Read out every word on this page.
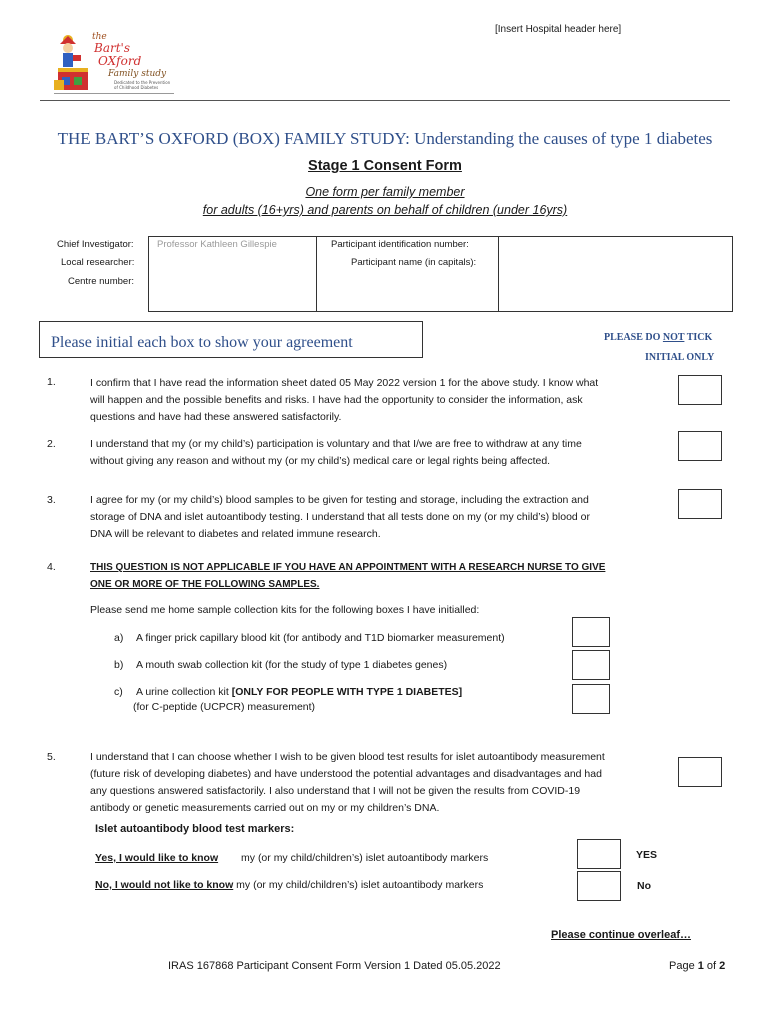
[Insert Hospital header here]
the
Bart's
OXford
Family study
Dedicated to the Prevention
of Childhood Diabetes
THE BART’S OXFORD (BOX) FAMILY STUDY: Understanding the causes of type 1 diabetes
Stage 1 Consent Form
One form per family member
for adults (16+yrs) and parents on behalf of children (under 16yrs)
Chief Investigator: Professor Kathleen Gillespie
Local researcher:
Centre number:
Participant identification number:
Participant name (in capitals):
Please initial each box to show your agreement	PLEASE DO NOT TICK
INITIAL ONLY
1.	I confirm that I have read the information sheet dated 05 May 2022 version 1 for the above study. I know what
will happen and the possible benefits and risks. I have had the opportunity to consider the information, ask
questions and have had these answered satisfactorily.
2.	I understand that my (or my child’s) participation is voluntary and that I/we are free to withdraw at any time
without giving any reason and without my (or my child’s) medical care or legal rights being affected.
3.	I agree for my (or my child’s) blood samples to be given for testing and storage, including the extraction and
storage of DNA and islet autoantibody testing. I understand that all tests done on my (or my child’s) blood or
DNA will be relevant to diabetes and related immune research.
4.	THIS QUESTION IS NOT APPLICABLE IF YOU HAVE AN APPOINTMENT WITH A RESEARCH NURSE TO GIVE
ONE OR MORE OF THE FOLLOWING SAMPLES.
Please send me home sample collection kits for the following boxes I have initialled:
a) A finger prick capillary blood kit (for antibody and T1D biomarker measurement)
b) A mouth swab collection kit (for the study of type 1 diabetes genes)
c) A urine collection kit [ONLY FOR PEOPLE WITH TYPE 1 DIABETES]
(for C-peptide (UCPCR) measurement)
5.	I understand that I can choose whether I wish to be given blood test results for islet autoantibody measurement
(future risk of developing diabetes) and have understood the potential advantages and disadvantages and had
any questions answered satisfactorily. I also understand that I will not be given the results from COVID-19
antibody or genetic measurements carried out on my or my children’s DNA.
Islet autoantibody blood test markers:
Yes, I would like to know my (or my child/children’s) islet autoantibody markers	YES
No, I would not like to know my (or my child/children’s) islet autoantibody markers	No
Please continue overleaf…
IRAS 167868 Participant Consent Form Version 1 Dated 05.05.2022	Page 1 of 2
